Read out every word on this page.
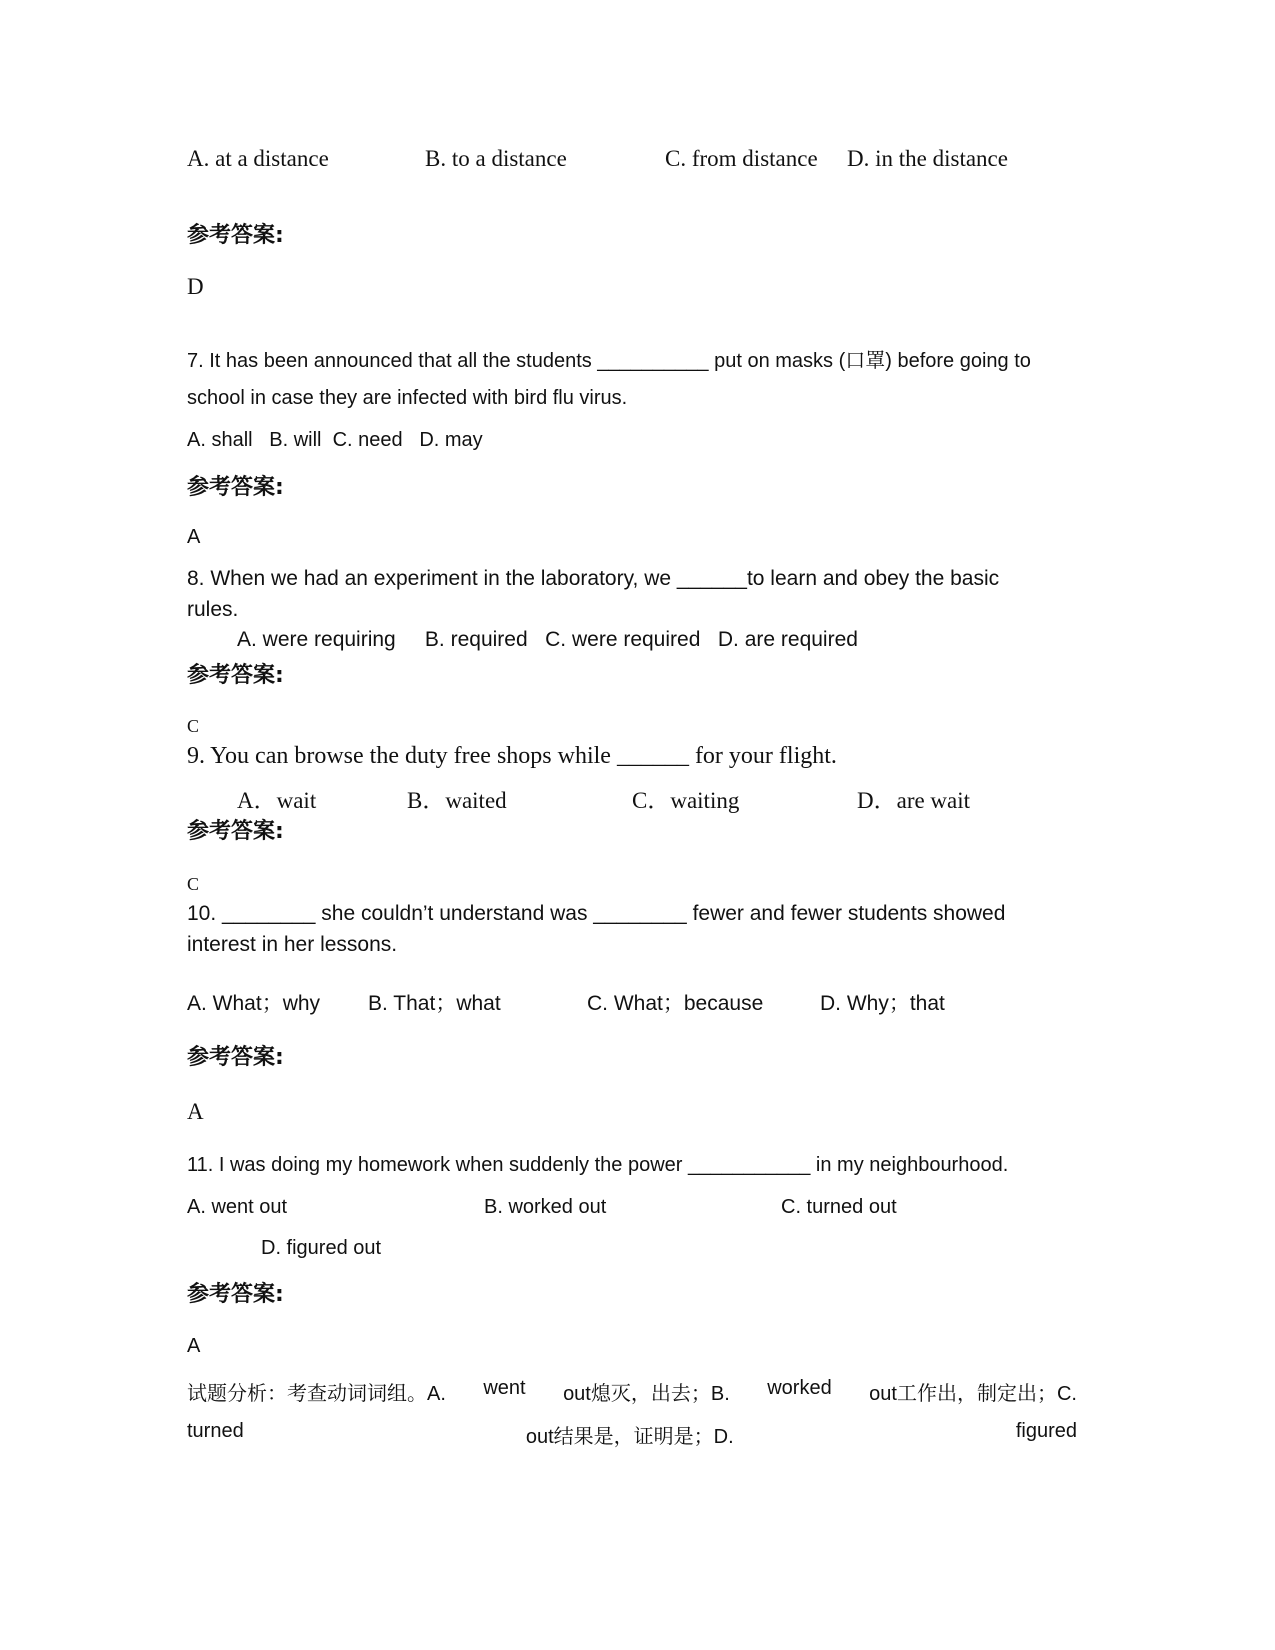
A. at a distance	B. to a distance	C. from distance D. in the distance
参考答案:
D
7. It has been announced that all the students __________ put on masks (口罩) before going to
school in case they are infected with bird flu virus.
A. shall   B. will  C. need   D. may
参考答案:
A
8. When we had an experiment in the laboratory, we ______to learn and obey the basic
rules.
A. were requiring     B. required   C. were required   D. are required
参考答案:
C
9. You can browse the duty free shops while ______ for your flight.
A．wait	B．waited	C．waiting	D．are wait
参考答案:
C
10. ________ she couldn’t understand was ________ fewer and fewer students showed
interest in her lessons.
A. What；why B. That；what	C. What；because	D. Why；that
参考答案:
A
11. I was doing my homework when suddenly the power ___________ in my neighbourhood.
A. went out	B. worked out	C. turned out
D. figured out
参考答案:
A
试题分析：考查动词词组。A. went out熄灭，出去；B. worked out工作出，制定出；C.
turned	out结果是，证明是；D.	figured
